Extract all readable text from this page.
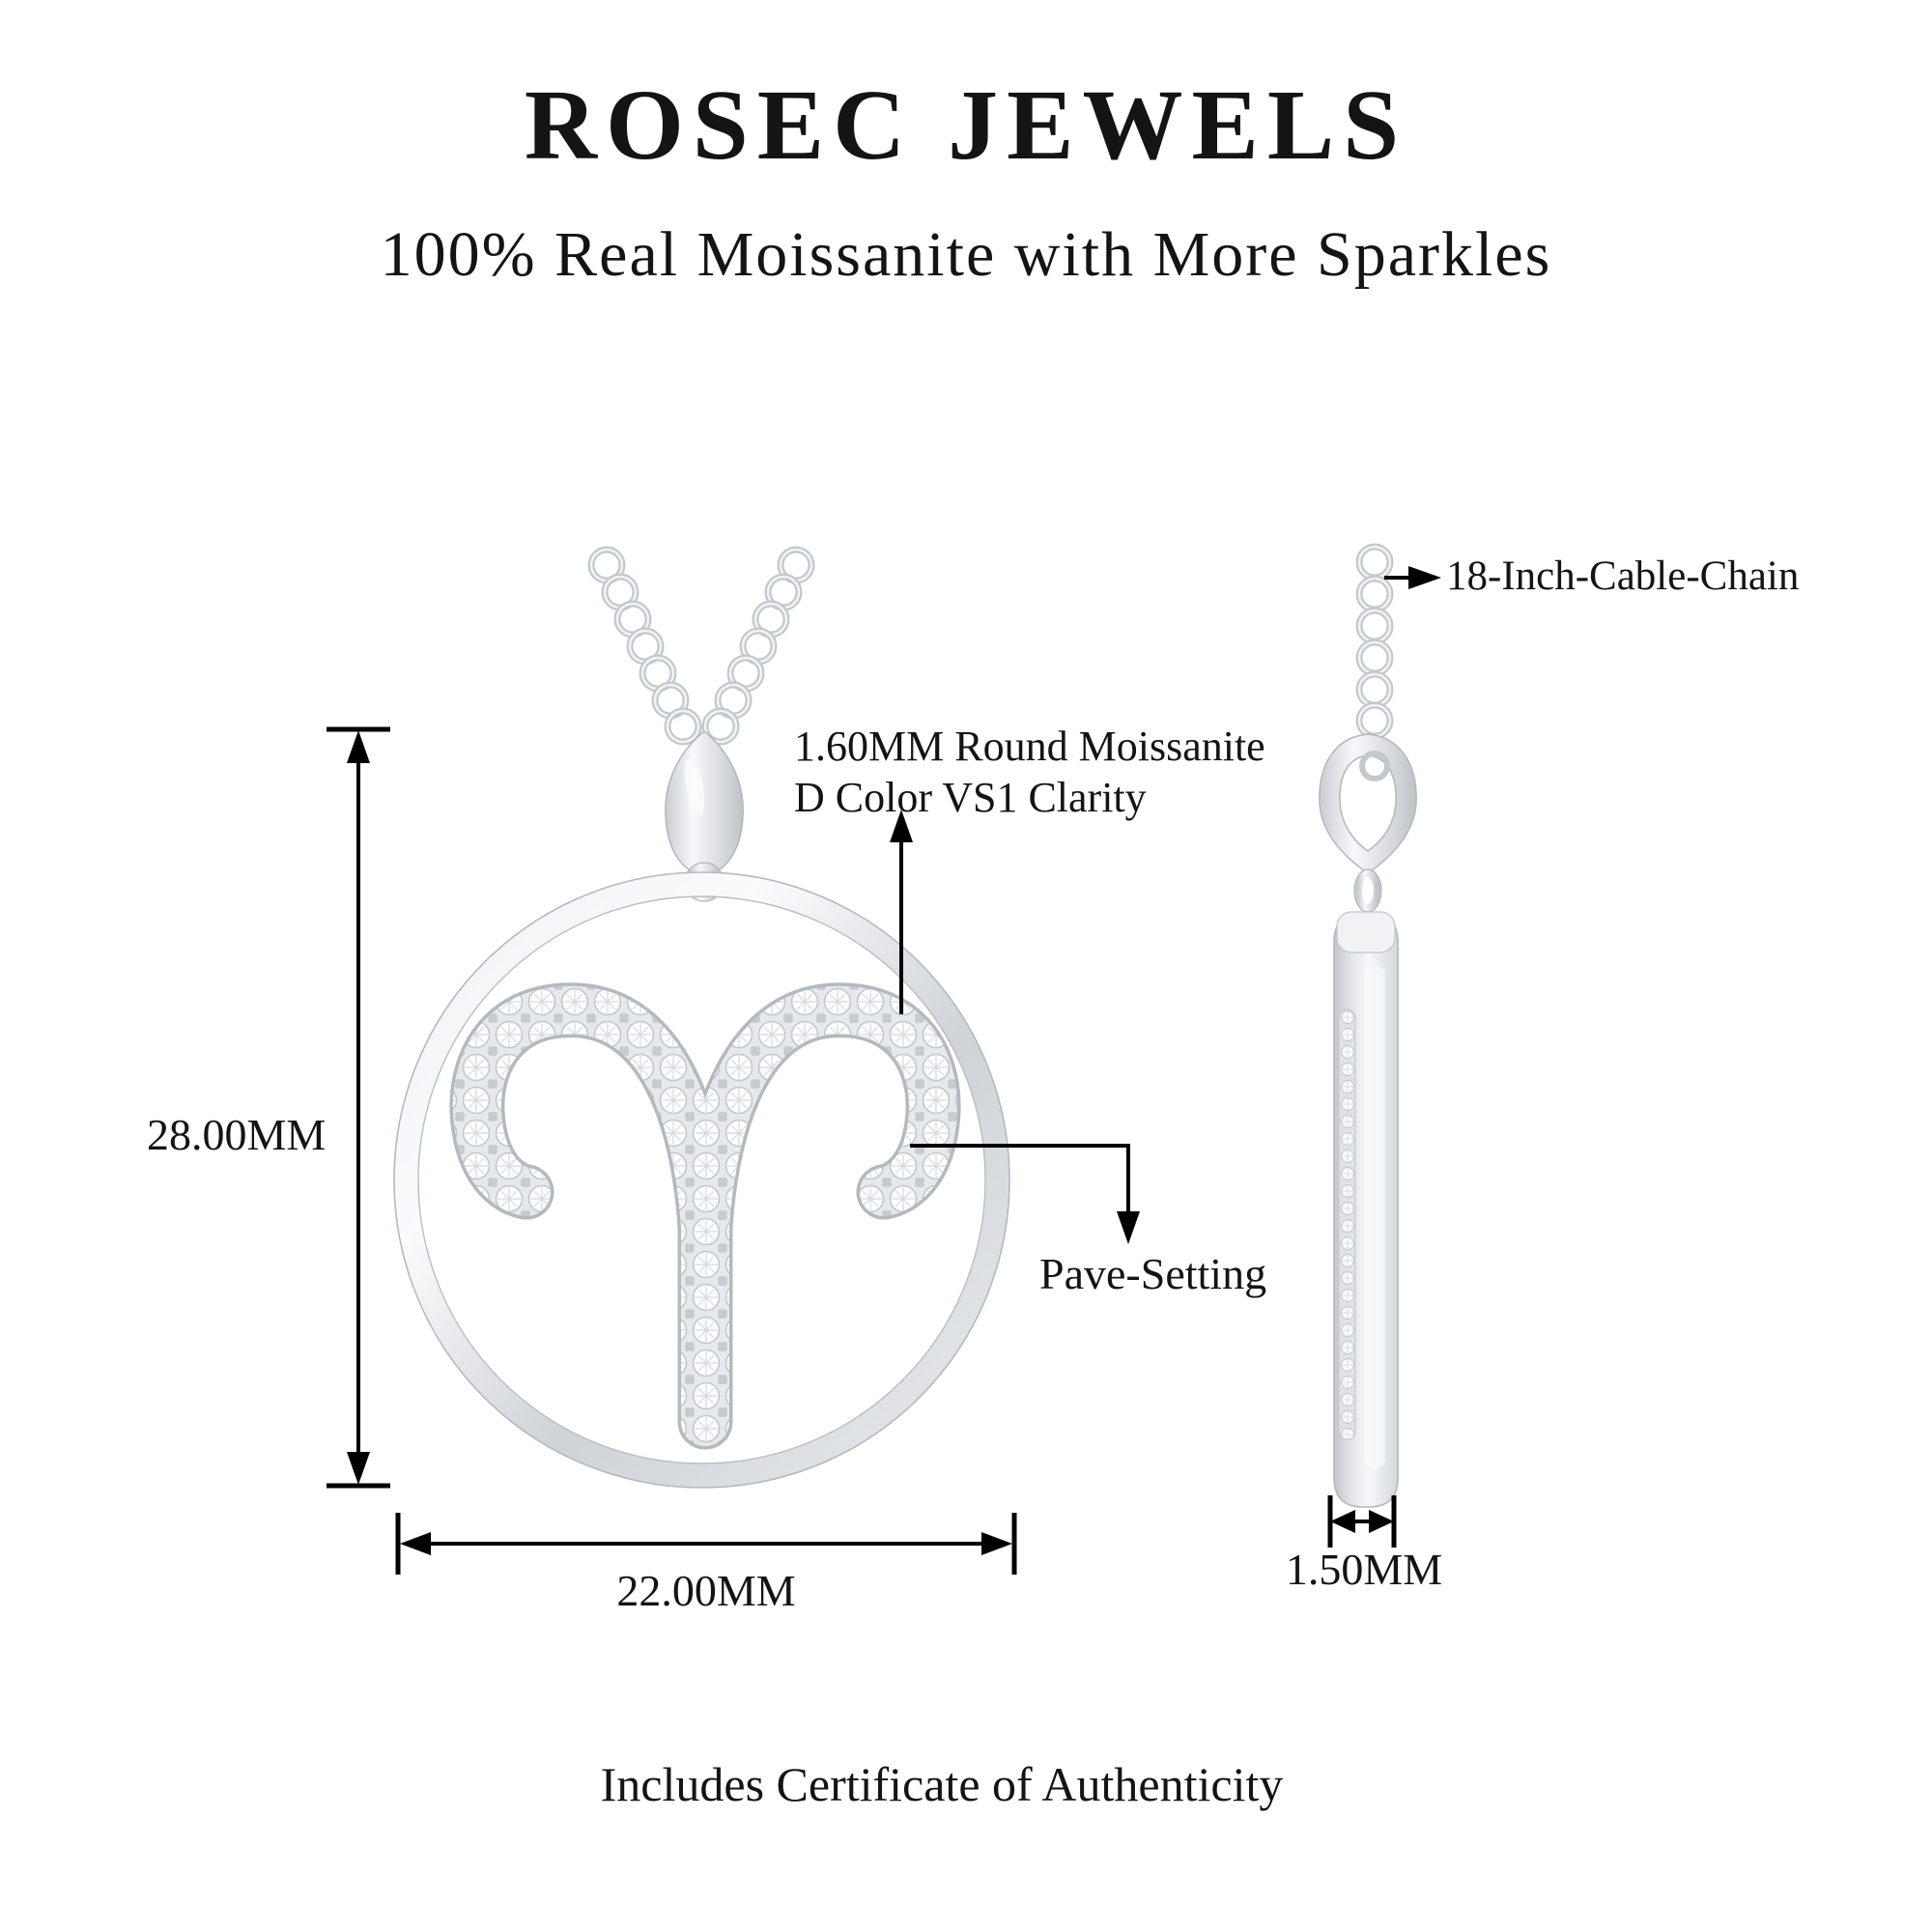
ROSEC JEWELS
100% Real Moissanite with More Sparkles
18-Inch-Cable-Chain
1.60MM Round Moissanite
D Color VS1 Clarity
Pave-Setting
28.00MM
22.00MM	1.50MM
Includes Certificate of Authenticity
